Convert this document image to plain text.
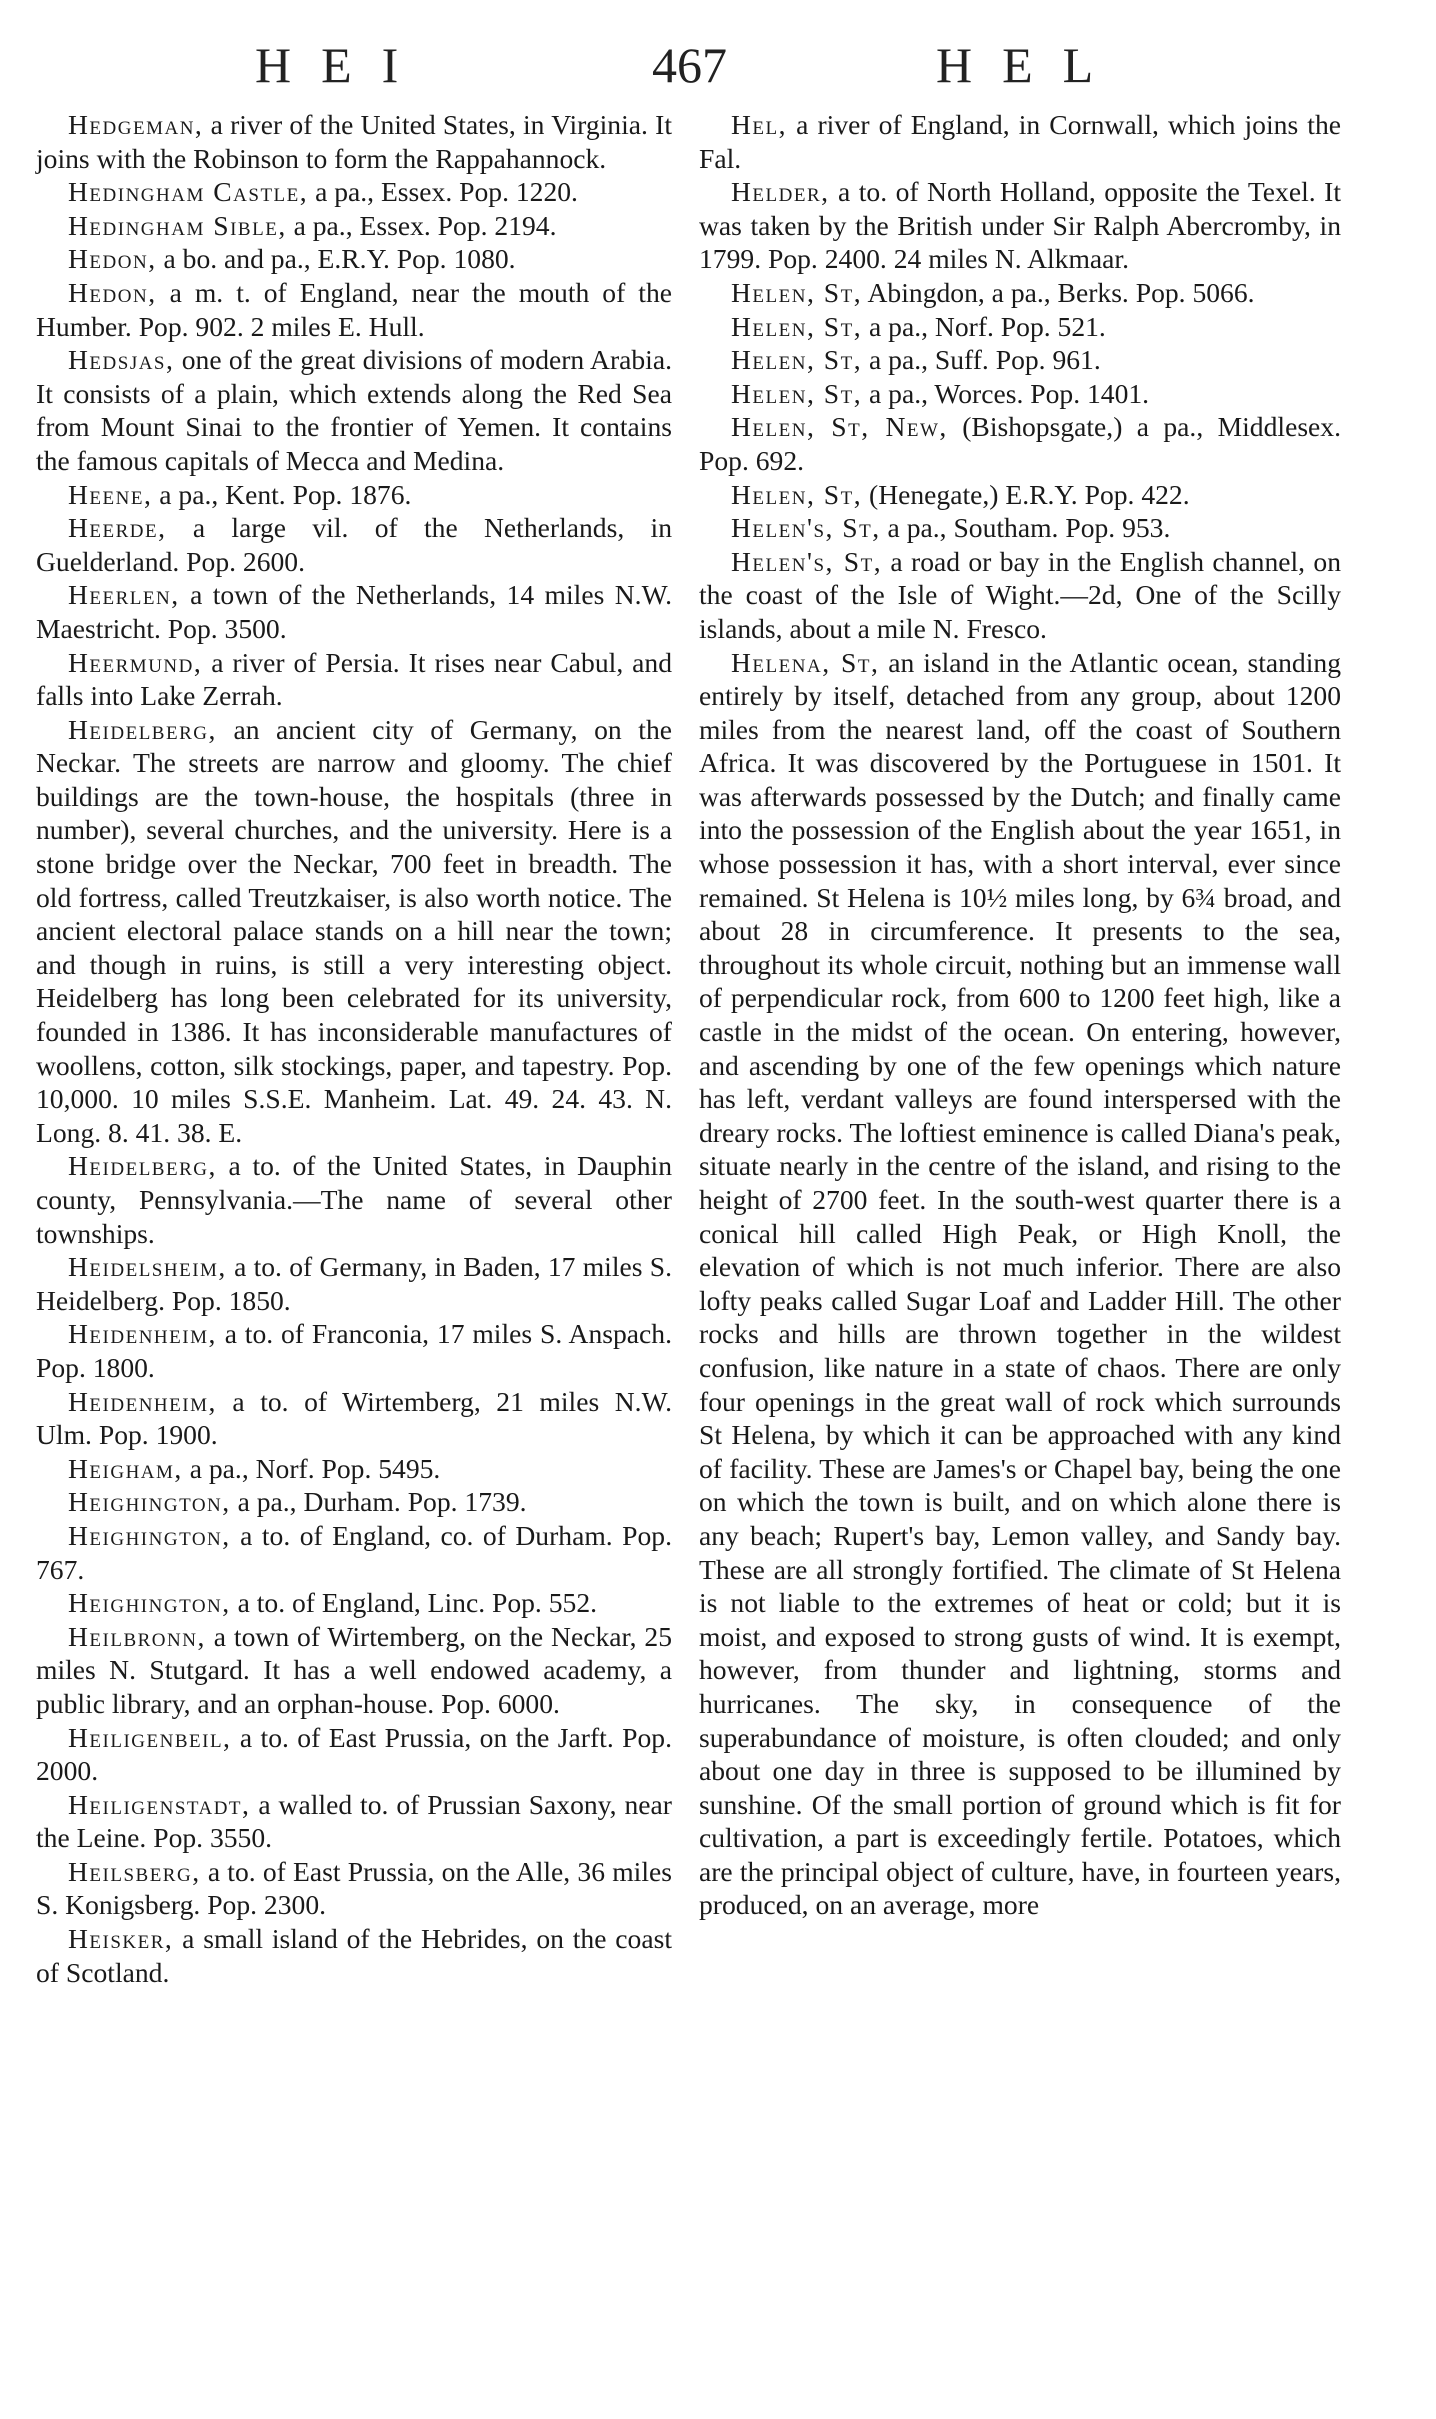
HEI	467	HEL

Hedgeman, a river of the United States, in Virginia. It joins with the Robinson to form the Rappahannock.

Hedingham Castle, a pa., Essex. Pop. 1220.

Hedingham Sible, a pa., Essex. Pop. 2194.

Hedon, a bo. and pa., E.R.Y. Pop. 1080.

Hedon, a m. t. of England, near the mouth of the Humber. Pop. 902. 2 miles E. Hull.

Hedsjas, one of the great divisions of modern Arabia. It consists of a plain, which extends along the Red Sea from Mount Sinai to the frontier of Yemen. It contains the famous capitals of Mecca and Medina.

Heene, a pa., Kent. Pop. 1876.

Heerde, a large vil. of the Netherlands, in Guelderland. Pop. 2600.

Heerlen, a town of the Netherlands, 14 miles N.W. Maestricht. Pop. 3500.

Heermund, a river of Persia. It rises near Cabul, and falls into Lake Zerrah.

Heidelberg, an ancient city of Germany, on the Neckar. The streets are narrow and gloomy. The chief buildings are the town-house, the hospitals (three in number), several churches, and the university. Here is a stone bridge over the Neckar, 700 feet in breadth. The old fortress, called Treutzkaiser, is also worth notice. The ancient electoral palace stands on a hill near the town; and though in ruins, is still a very interesting object. Heidelberg has long been celebrated for its university, founded in 1386. It has inconsiderable manufactures of woollens, cotton, silk stockings, paper, and tapestry. Pop. 10,000. 10 miles S.S.E. Manheim. Lat. 49. 24. 43. N. Long. 8. 41. 38. E.

Heidelberg, a to. of the United States, in Dauphin county, Pennsylvania.—The name of several other townships.

Heidelsheim, a to. of Germany, in Baden, 17 miles S. Heidelberg. Pop. 1850.

Heidenheim, a to. of Franconia, 17 miles S. Anspach. Pop. 1800.

Heidenheim, a to. of Wirtemberg, 21 miles N.W. Ulm. Pop. 1900.

Heigham, a pa., Norf. Pop. 5495.

Heighington, a pa., Durham. Pop. 1739.

Heighington, a to. of England, co. of Durham. Pop. 767.

Heighington, a to. of England, Linc. Pop. 552.

Heilbronn, a town of Wirtemberg, on the Neckar, 25 miles N. Stutgard. It has a well endowed academy, a public library, and an orphan-house. Pop. 6000.

Heiligenbeil, a to. of East Prussia, on the Jarft. Pop. 2000.

Heiligenstadt, a walled to. of Prussian Saxony, near the Leine. Pop. 3550.

Heilsberg, a to. of East Prussia, on the Alle, 36 miles S. Konigsberg. Pop. 2300.

Heisker, a small island of the Hebrides, on the coast of Scotland.

Hel, a river of England, in Cornwall, which joins the Fal.

Helder, a to. of North Holland, opposite the Texel. It was taken by the British under Sir Ralph Abercromby, in 1799. Pop. 2400. 24 miles N. Alkmaar.

Helen, St, Abingdon, a pa., Berks. Pop. 5066.

Helen, St, a pa., Norf. Pop. 521.

Helen, St, a pa., Suff. Pop. 961.

Helen, St, a pa., Worces. Pop. 1401.

Helen, St, New, (Bishopsgate,) a pa., Middlesex. Pop. 692.

Helen, St, (Henegate,) E.R.Y. Pop. 422.

Helen's, St, a pa., Southam. Pop. 953.

Helen's, St, a road or bay in the English channel, on the coast of the Isle of Wight.—2d, One of the Scilly islands, about a mile N. Fresco.

Helena, St, an island in the Atlantic ocean, standing entirely by itself, detached from any group, about 1200 miles from the nearest land, off the coast of Southern Africa. It was discovered by the Portuguese in 1501. It was afterwards possessed by the Dutch; and finally came into the possession of the English about the year 1651, in whose possession it has, with a short interval, ever since remained. St Helena is 10½ miles long, by 6¾ broad, and about 28 in circumference. It presents to the sea, throughout its whole circuit, nothing but an immense wall of perpendicular rock, from 600 to 1200 feet high, like a castle in the midst of the ocean. On entering, however, and ascending by one of the few openings which nature has left, verdant valleys are found interspersed with the dreary rocks. The loftiest eminence is called Diana's peak, situate nearly in the centre of the island, and rising to the height of 2700 feet. In the south-west quarter there is a conical hill called High Peak, or High Knoll, the elevation of which is not much inferior. There are also lofty peaks called Sugar Loaf and Ladder Hill. The other rocks and hills are thrown together in the wildest confusion, like nature in a state of chaos. There are only four openings in the great wall of rock which surrounds St Helena, by which it can be approached with any kind of facility. These are James's or Chapel bay, being the one on which the town is built, and on which alone there is any beach; Rupert's bay, Lemon valley, and Sandy bay. These are all strongly fortified. The climate of St Helena is not liable to the extremes of heat or cold; but it is moist, and exposed to strong gusts of wind. It is exempt, however, from thunder and lightning, storms and hurricanes. The sky, in consequence of the superabundance of moisture, is often clouded; and only about one day in three is supposed to be illumined by sunshine. Of the small portion of ground which is fit for cultivation, a part is exceedingly fertile. Potatoes, which are the principal object of culture, have, in fourteen years, produced, on an average, more
